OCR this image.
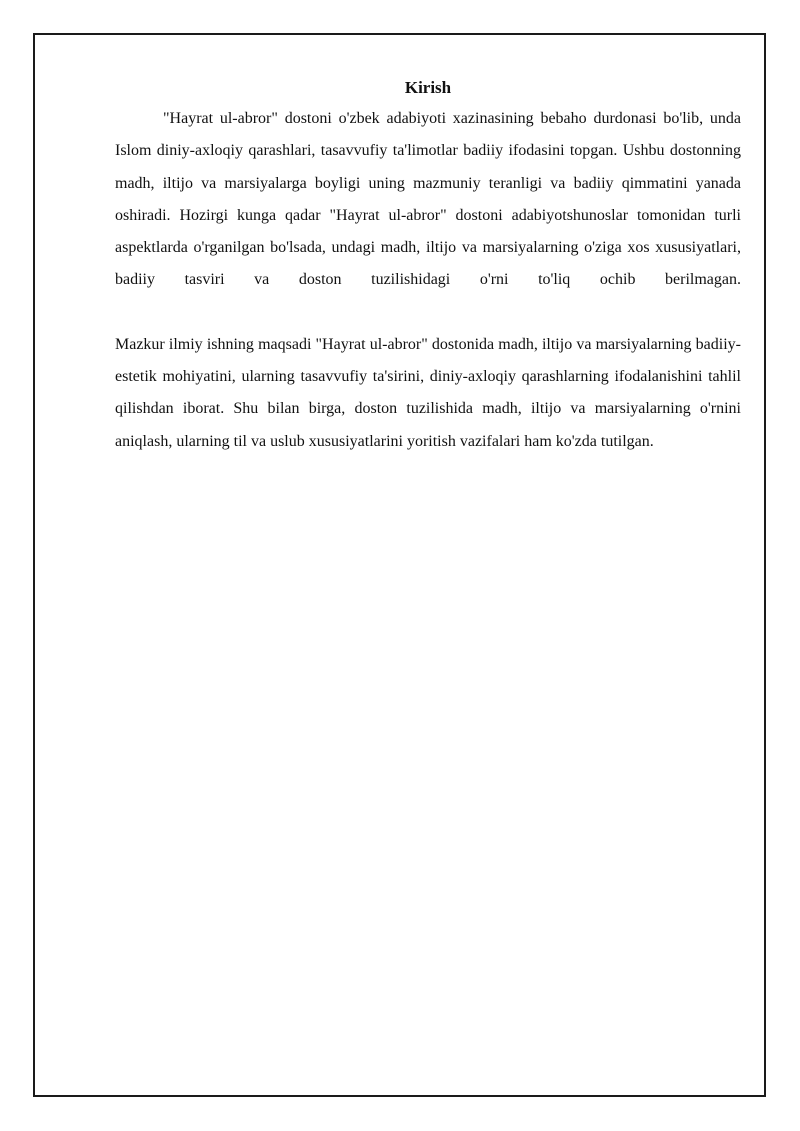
Kirish

"Hayrat ul-abror" dostoni o'zbek adabiyoti xazinasining bebaho durdonasi bo'lib, unda Islom diniy-axloqiy qarashlari, tasavvufiy ta'limotlar badiiy ifodasini topgan. Ushbu dostonning madh, iltijo va marsiyalarga boyligi uning mazmuniy teranligi va badiiy qimmatini yanada oshiradi. Hozirgi kunga qadar "Hayrat ul-abror" dostoni adabiyotshunoslar tomonidan turli aspektlarda o'rganilgan bo'lsada, undagi madh, iltijo va marsiyalarning o'ziga xos xususiyatlari, badiiy tasviri va doston tuzilishidagi o'rni to'liq ochib berilmagan.

Mazkur ilmiy ishning maqsadi "Hayrat ul-abror" dostonida madh, iltijo va marsiyalarning badiiy-estetik mohiyatini, ularning tasavvufiy ta'sirini, diniy-axloqiy qarashlarning ifodalanishini tahlil qilishdan iborat. Shu bilan birga, doston tuzilishida madh, iltijo va marsiyalarning o'rnini aniqlash, ularning til va uslub xususiyatlarini yoritish vazifalari ham ko'zda tutilgan.
